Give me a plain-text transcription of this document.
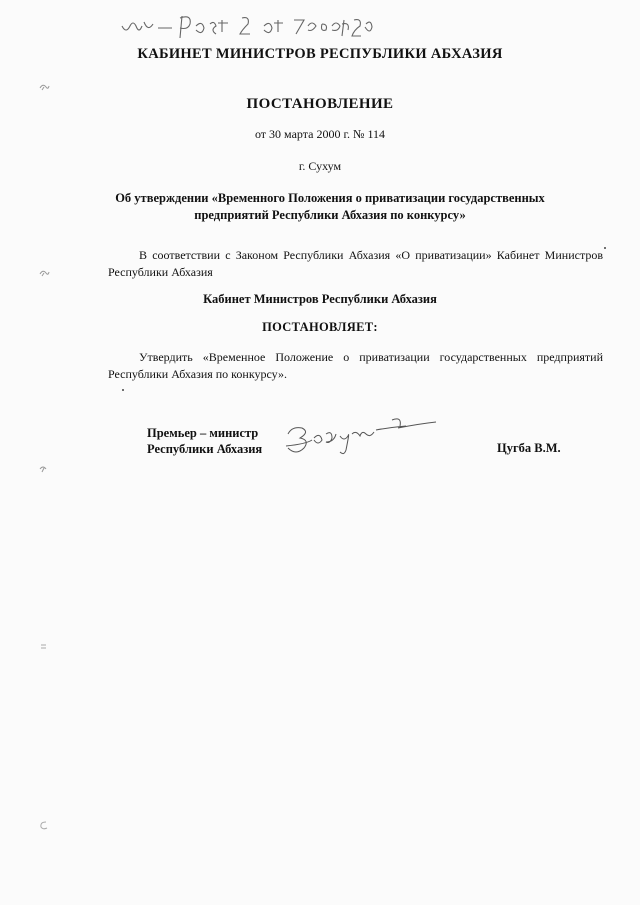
КАБИНЕТ МИНИСТРОВ РЕСПУБЛИКИ АБХАЗИЯ
ПОСТАНОВЛЕНИЕ
от 30 марта 2000 г. № 114
г. Сухум
Об утверждении «Временного Положения о приватизации государственных предприятий Республики Абхазия по конкурсу»
В соответствии с Законом Республики Абхазия «О приватизации» Кабинет Министров Республики Абхазия
Кабинет Министров Республики Абхазия
ПОСТАНОВЛЯЕТ:
Утвердить «Временное Положение о приватизации государственных предприятий Республики Абхазия по конкурсу».
Премьер – министр
Республики Абхазия	Цугба В.М.
